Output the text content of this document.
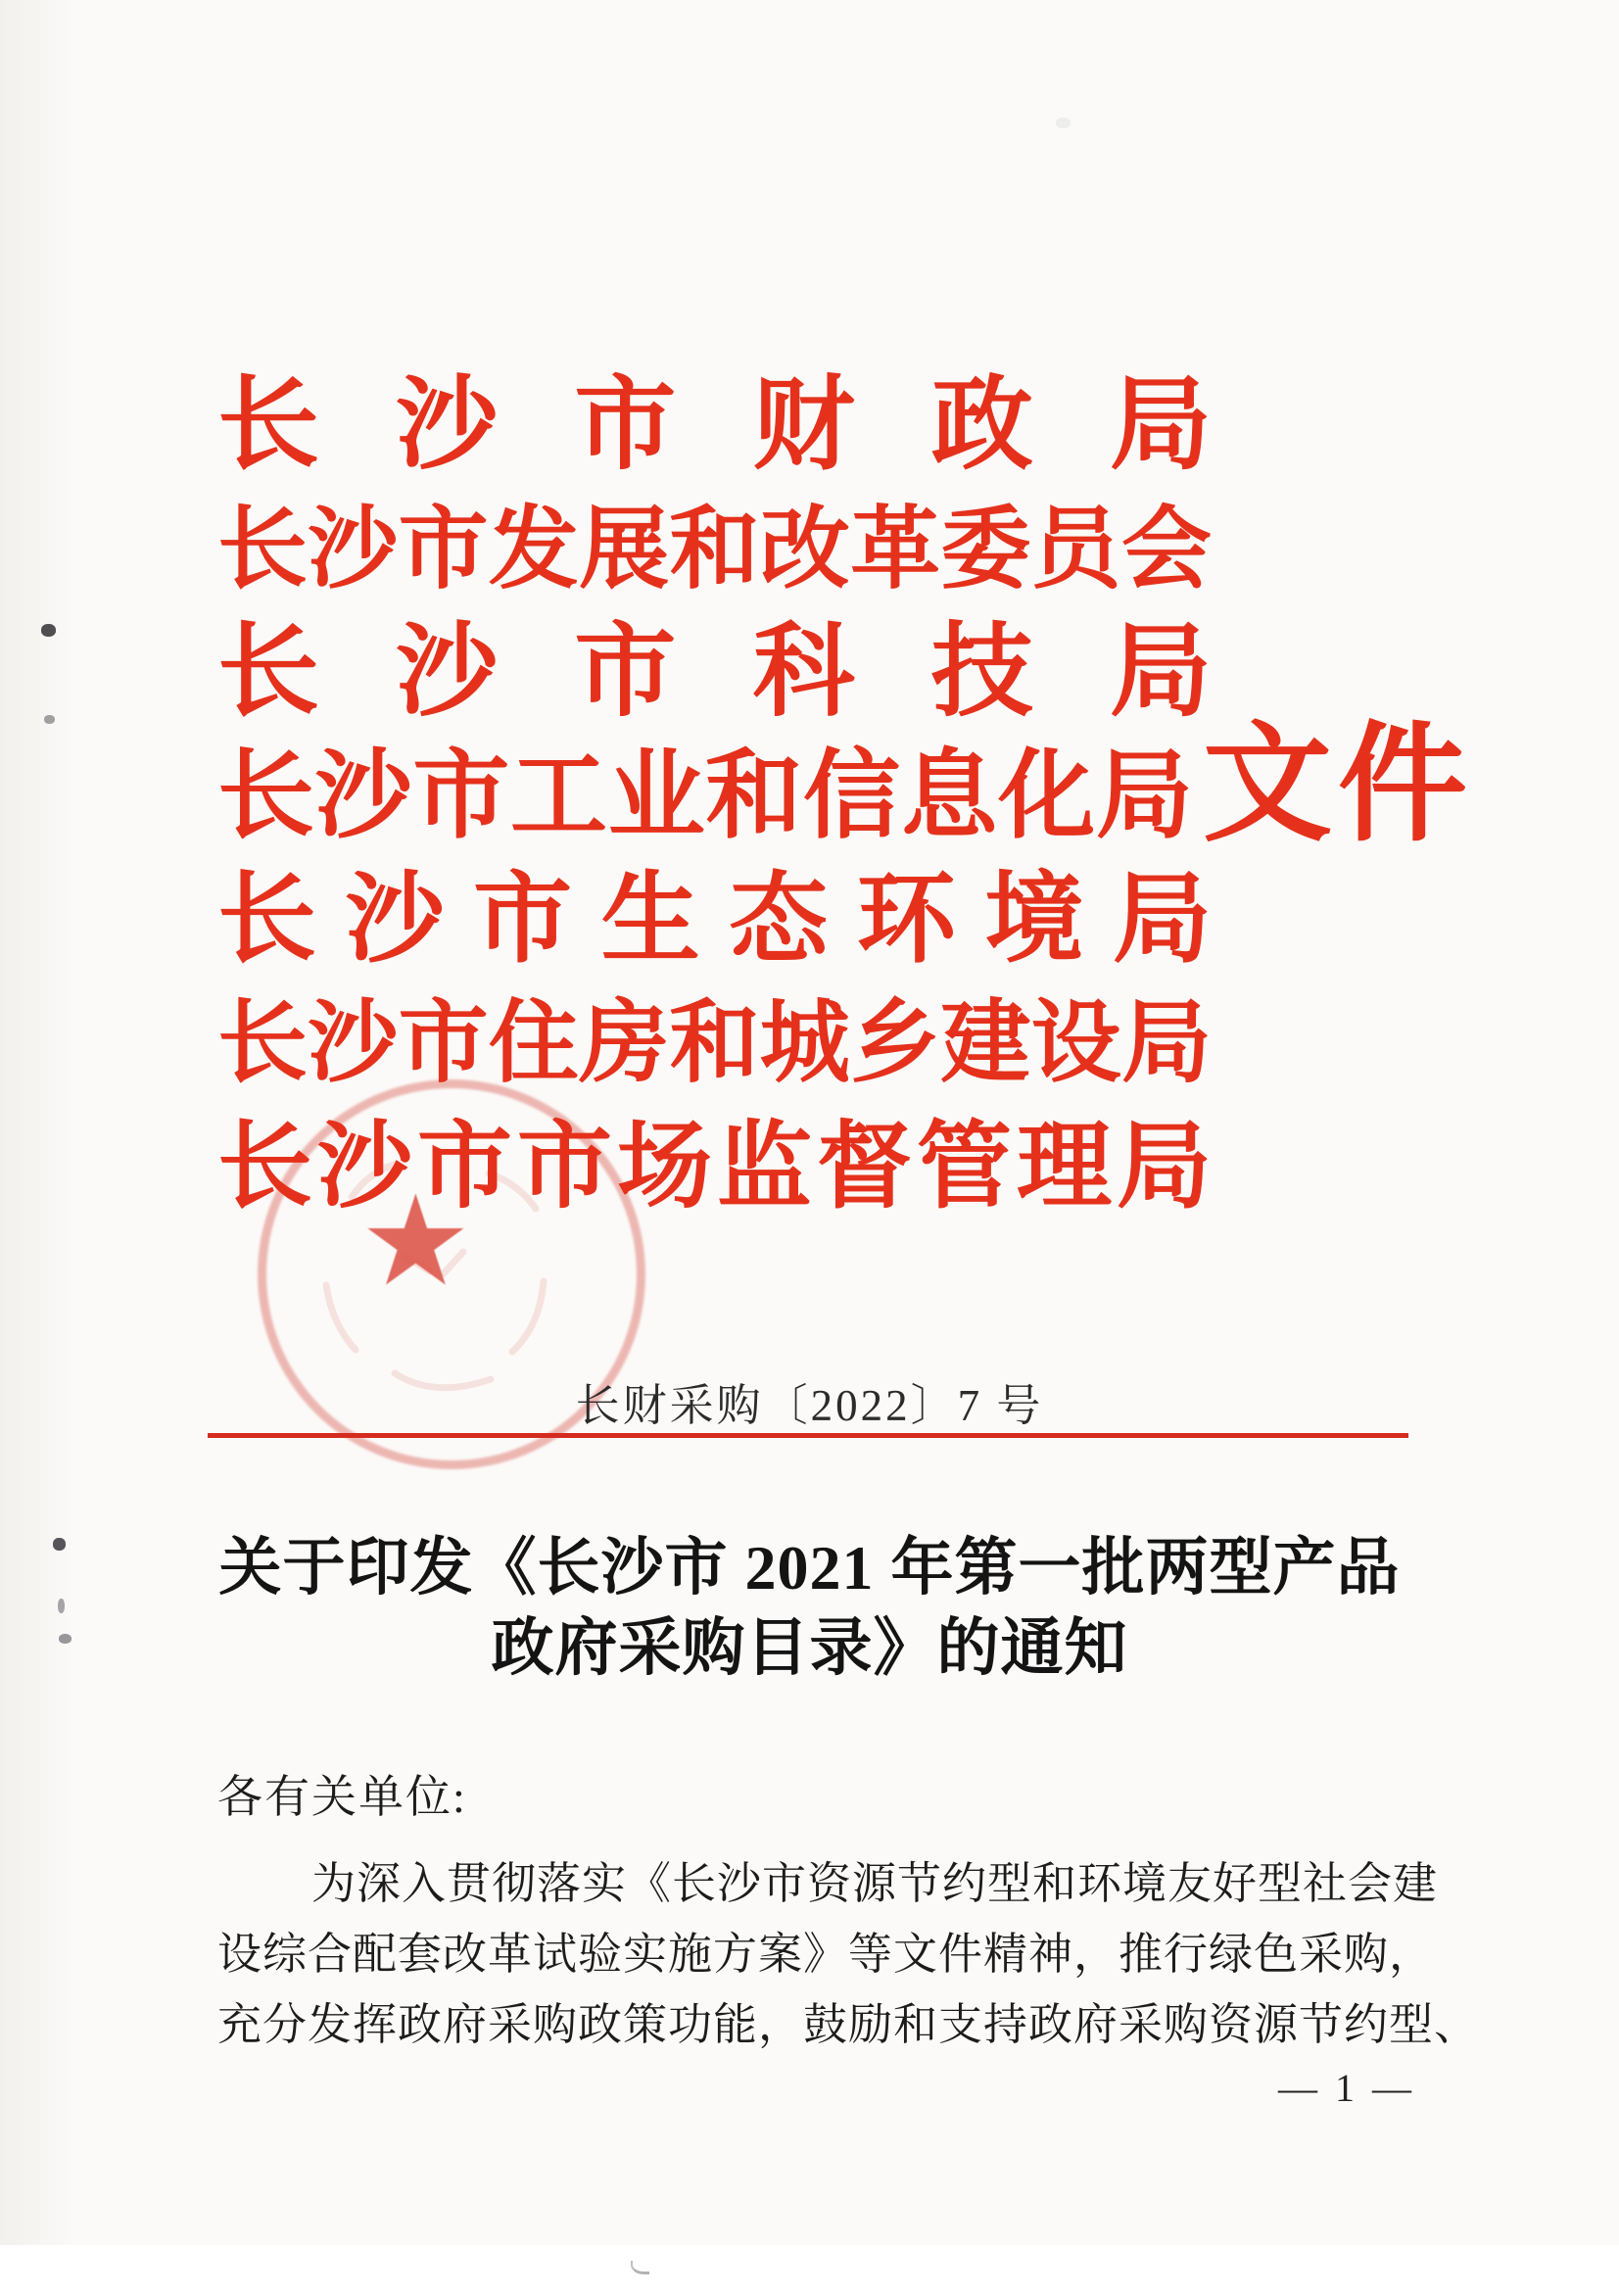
★
长 沙 市 财 政 局
长 沙 市 发 展 和 改 革 委 员 会
长 沙 市 科 技 局
长 沙 市 工 业 和 信 息 化 局
长 沙 市 生 态 环 境 局
长 沙 市 住 房 和 城 乡 建 设 局
长 沙 市 市 场 监 督 管 理 局
文件
长财采购〔2022〕7 号
关于印发《长沙市 2021 年第一批两型产品
政府采购目录》的通知
各有关单位:
为深入贯彻落实《长沙市资源节约型和环境友好型社会建
设综合配套改革试验实施方案》等文件精神，推行绿色采购，
充分发挥政府采购政策功能，鼓励和支持政府采购资源节约型、
— 1 —
